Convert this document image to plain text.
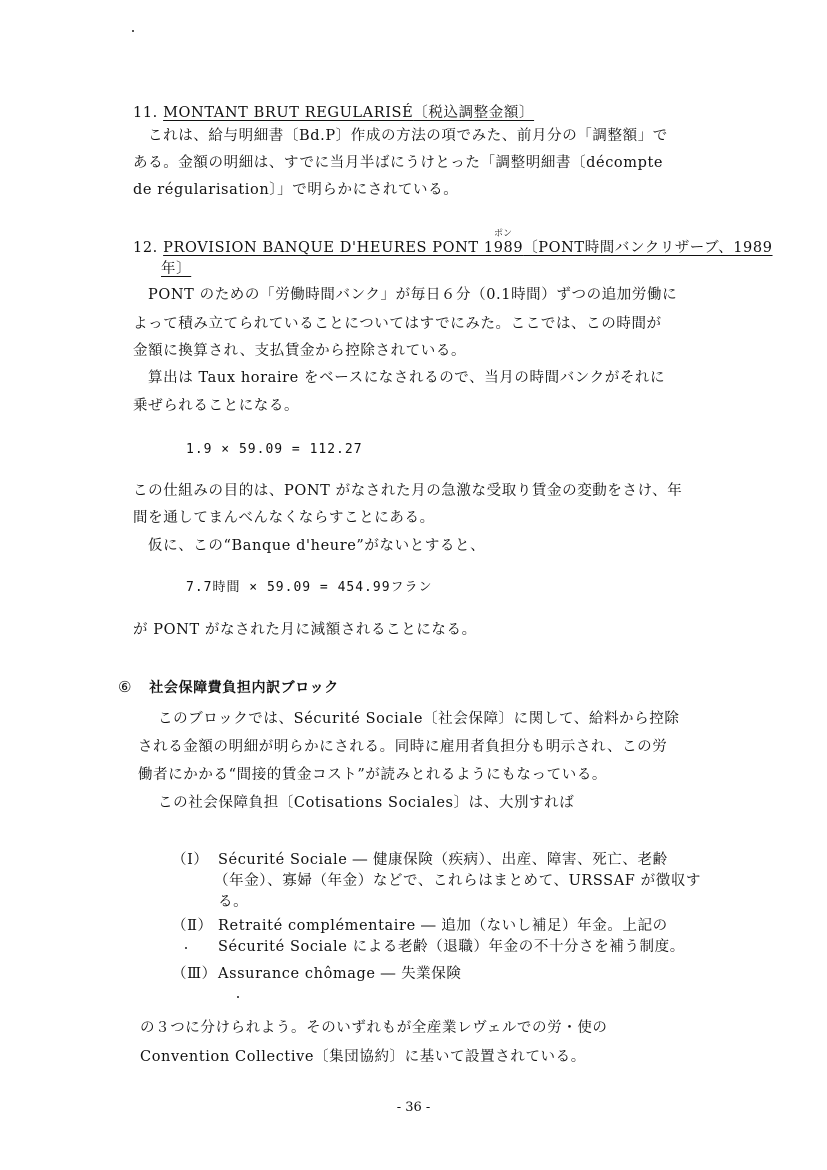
11. MONTANT BRUT REGULARISÉ〔税込調整金額〕
これは、給与明細書〔Bd.P〕作成の方法の項でみた、前月分の「調整額」で
ある。金額の明細は、すでに当月半ばにうけとった「調整明細書〔décompte
de régularisation〕」で明らかにされている。
ポン
12. PROVISION BANQUE D'HEURES PONT 1989〔PONT時間バンクリザーブ、1989
年〕
PONT のための「労働時間バンク」が毎日６分（0.1時間）ずつの追加労働に
よって積み立てられていることについてはすでにみた。ここでは、この時間が
金額に換算され、支払賃金から控除されている。
算出は Taux horaire をベースになされるので、当月の時間バンクがそれに
乗ぜられることになる。
1.9 × 59.09 = 112.27
この仕組みの目的は、PONT がなされた月の急激な受取り賃金の変動をさけ、年
間を通してまんべんなくならすことにある。
仮に、この“Banque d'heure”がないとすると、
7.7時間 × 59.09 = 454.99フラン
が PONT がなされた月に減額されることになる。
⑥ 社会保障費負担内訳ブロック
このブロックでは、Sécurité Sociale〔社会保障〕に関して、給料から控除
される金額の明細が明らかにされる。同時に雇用者負担分も明示され、この労
働者にかかる“間接的賃金コスト”が読みとれるようにもなっている。
この社会保障負担〔Cotisations Sociales〕は、大別すれば
（Ⅰ） Sécurité Sociale ― 健康保険（疾病）、出産、障害、死亡、老齢
（年金）、寡婦（年金）などで、これらはまとめて、URSSAF が徴収す
る。
（Ⅱ） Retraité complémentaire ― 追加（ないし補足）年金。上記の
Sécurité Sociale による老齢（退職）年金の不十分さを補う制度。
（Ⅲ） Assurance chômage ― 失業保険
の３つに分けられよう。そのいずれもが全産業レヴェルでの労・使の
Convention Collective〔集団協約〕に基いて設置されている。
- 36 -
